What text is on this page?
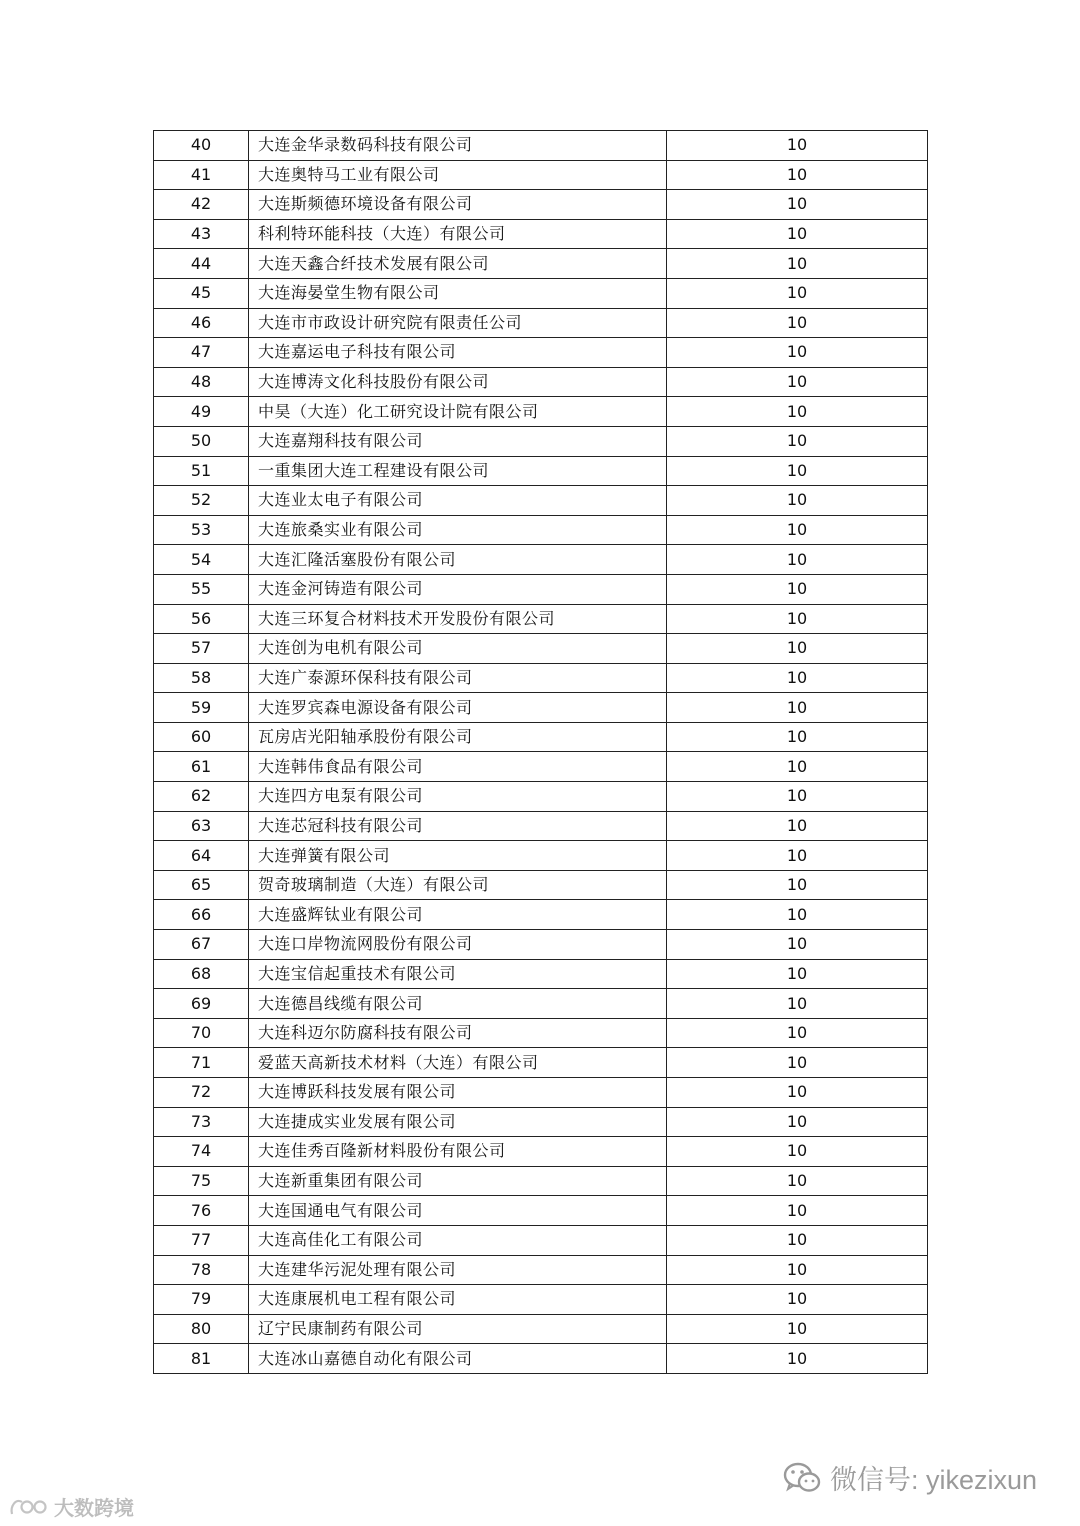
40	大连金华录数码科技有限公司	10
41	大连奥特马工业有限公司	10
42	大连斯频德环境设备有限公司	10
43	科利特环能科技（大连）有限公司	10
44	大连天鑫合纤技术发展有限公司	10
45	大连海晏堂生物有限公司	10
46	大连市市政设计研究院有限责任公司	10
47	大连嘉运电子科技有限公司	10
48	大连博涛文化科技股份有限公司	10
49	中昊（大连）化工研究设计院有限公司	10
50	大连嘉翔科技有限公司	10
51	一重集团大连工程建设有限公司	10
52	大连业太电子有限公司	10
53	大连旅桑实业有限公司	10
54	大连汇隆活塞股份有限公司	10
55	大连金河铸造有限公司	10
56	大连三环复合材料技术开发股份有限公司	10
57	大连创为电机有限公司	10
58	大连广泰源环保科技有限公司	10
59	大连罗宾森电源设备有限公司	10
60	瓦房店光阳轴承股份有限公司	10
61	大连韩伟食品有限公司	10
62	大连四方电泵有限公司	10
63	大连芯冠科技有限公司	10
64	大连弹簧有限公司	10
65	贺奇玻璃制造（大连）有限公司	10
66	大连盛辉钛业有限公司	10
67	大连口岸物流网股份有限公司	10
68	大连宝信起重技术有限公司	10
69	大连德昌线缆有限公司	10
70	大连科迈尔防腐科技有限公司	10
71	爱蓝天高新技术材料（大连）有限公司	10
72	大连博跃科技发展有限公司	10
73	大连捷成实业发展有限公司	10
74	大连佳秀百隆新材料股份有限公司	10
75	大连新重集团有限公司	10
76	大连国通电气有限公司	10
77	大连高佳化工有限公司	10
78	大连建华污泥处理有限公司	10
79	大连康展机电工程有限公司	10
80	辽宁民康制药有限公司	10
81	大连冰山嘉德自动化有限公司	10
微信号: yikezixun
大数跨境
